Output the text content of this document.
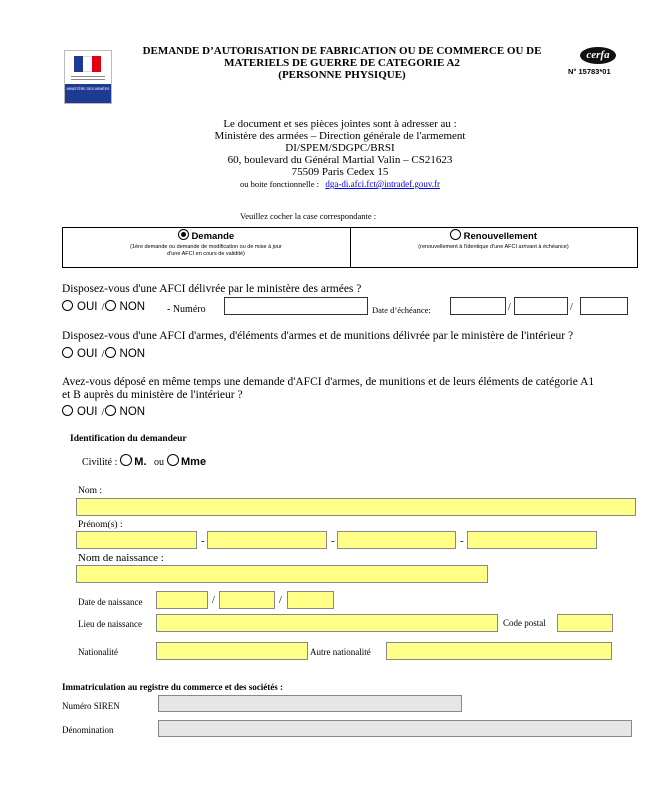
MINISTÈRE DES ARMÉES
DEMANDE D’AUTORISATION DE FABRICATION OU DE COMMERCE OU DE
MATERIELS DE GUERRE DE CATEGORIE A2
(PERSONNE PHYSIQUE)
cerfa
N° 15783*01
Le document et ses pièces jointes sont à adresser au :
Ministère des armées – Direction générale de l'armement
DI/SPEM/SDGPC/BRSI
60, boulevard du Général Martial Valin – CS21623
75509 Paris Cedex 15
ou boite fonctionnelle : dga-di.afci.fct@intradef.gouv.fr
Veuillez cocher la case correspondante :
Demande
(1ère demande ou demande de modification ou de mise à jour
d'une AFCI en cours de validité)
Renouvellement
(renouvellement à l'identique d'une AFCI arrivant à échéance)
Disposez-vous d'une AFCI délivrée par le ministère des armées ?
OUI / NON - Numéro	Date d’échéance:	/	/
Disposez-vous d'une AFCI d'armes, d'éléments d'armes et de munitions délivrée par le ministère de l'intérieur ?
OUI / NON
Avez-vous déposé en même temps une demande d'AFCI d'armes, de munitions et de leurs éléments de catégorie A1
et B auprès du ministère de l'intérieur ?
OUI / NON
Identification du demandeur
Civilité : M. ou Mme
Nom :
Prénom(s) :
-	-	-
Nom de naissance :
Date de naissance	/	/
Lieu de naissance	Code postal
Nationalité	Autre nationalité
Immatriculation au registre du commerce et des sociétés :
Numéro SIREN
Dénomination
